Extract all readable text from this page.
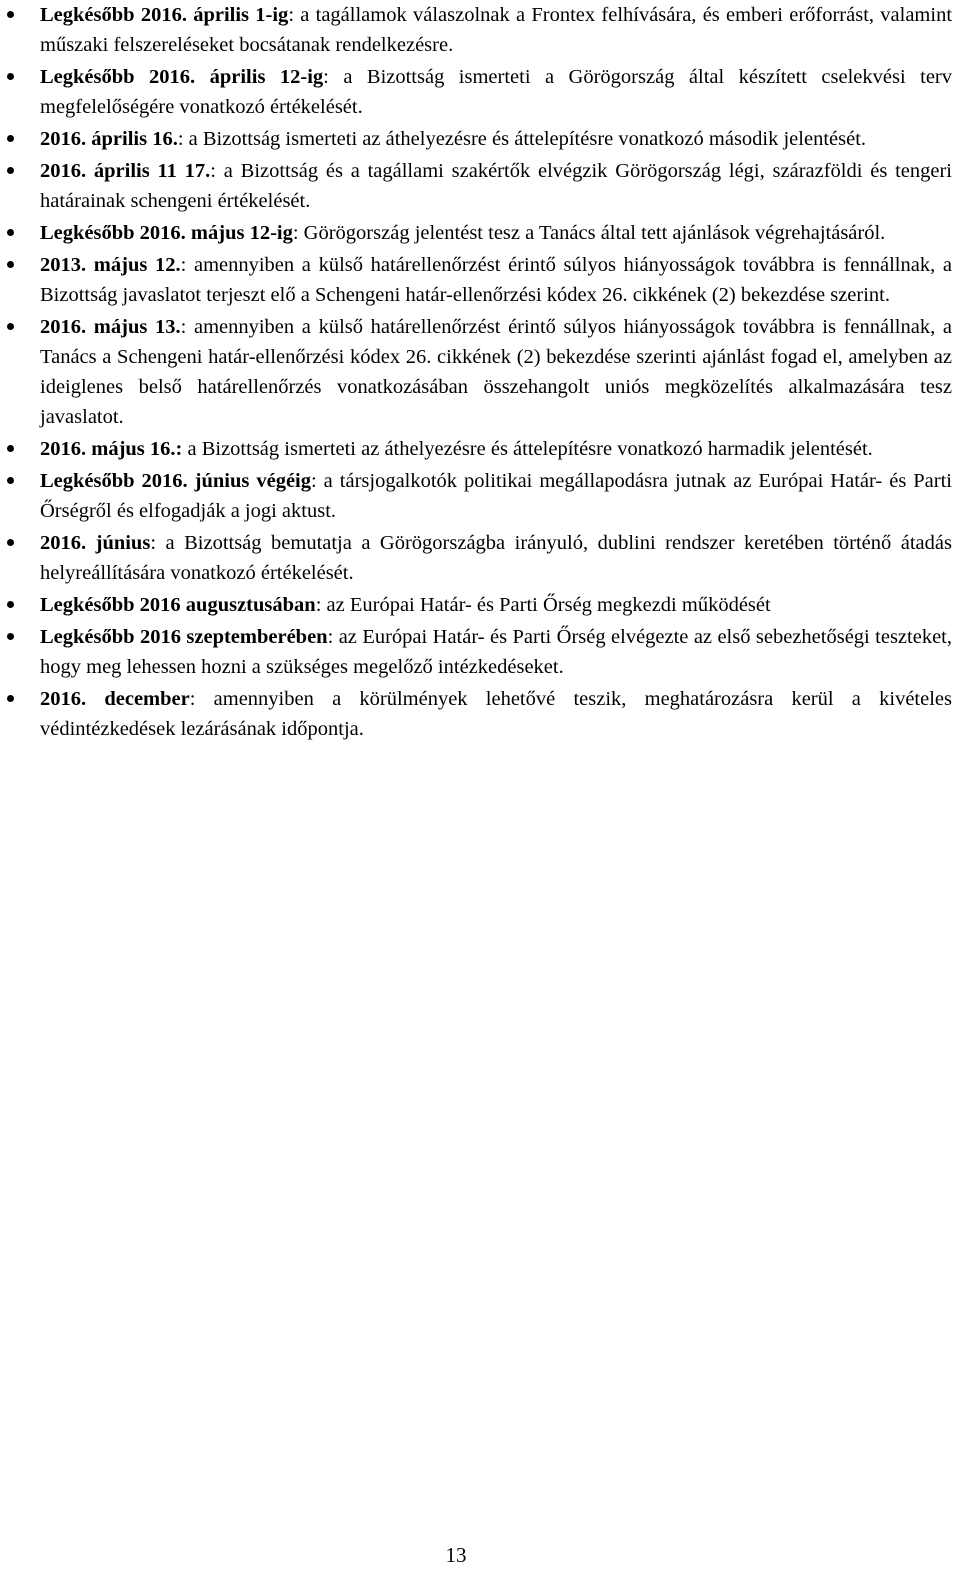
Legkésőbb 2016. április 1-ig: a tagállamok válaszolnak a Frontex felhívására, és emberi erőforrást, valamint műszaki felszereléseket bocsátanak rendelkezésre.
Legkésőbb 2016. április 12-ig: a Bizottság ismerteti a Görögország által készített cselekvési terv megfelelőségére vonatkozó értékelését.
2016. április 16.: a Bizottság ismerteti az áthelyezésre és áttelepítésre vonatkozó második jelentését.
2016. április 11 17.: a Bizottság és a tagállami szakértők elvégzik Görögország légi, szárazföldi és tengeri határainak schengeni értékelését.
Legkésőbb 2016. május 12-ig: Görögország jelentést tesz a Tanács által tett ajánlások végrehajtásáról.
2013. május 12.: amennyiben a külső határellenőrzést érintő súlyos hiányosságok továbbra is fennállnak, a Bizottság javaslatot terjeszt elő a Schengeni határ-ellenőrzési kódex 26. cikkének (2) bekezdése szerint.
2016. május 13.: amennyiben a külső határellenőrzést érintő súlyos hiányosságok továbbra is fennállnak, a Tanács a Schengeni határ-ellenőrzési kódex 26. cikkének (2) bekezdése szerinti ajánlást fogad el, amelyben az ideiglenes belső határellenőrzés vonatkozásában összehangolt uniós megközelítés alkalmazására tesz javaslatot.
2016. május 16.: a Bizottság ismerteti az áthelyezésre és áttelepítésre vonatkozó harmadik jelentését.
Legkésőbb 2016. június végéig: a társjogalkotók politikai megállapodásra jutnak az Európai Határ- és Parti Őrségről és elfogadják a jogi aktust.
2016. június: a Bizottság bemutatja a Görögországba irányuló, dublini rendszer keretében történő átadás helyreállítására vonatkozó értékelését.
Legkésőbb 2016 augusztusában: az Európai Határ- és Parti Őrség megkezdi működését
Legkésőbb 2016 szeptemberében: az Európai Határ- és Parti Őrség elvégezte az első sebezhetőségi teszteket, hogy meg lehessen hozni a szükséges megelőző intézkedéseket.
2016. december: amennyiben a körülmények lehetővé teszik, meghatározásra kerül a kivételes védintézkedések lezárásának időpontja.
13
